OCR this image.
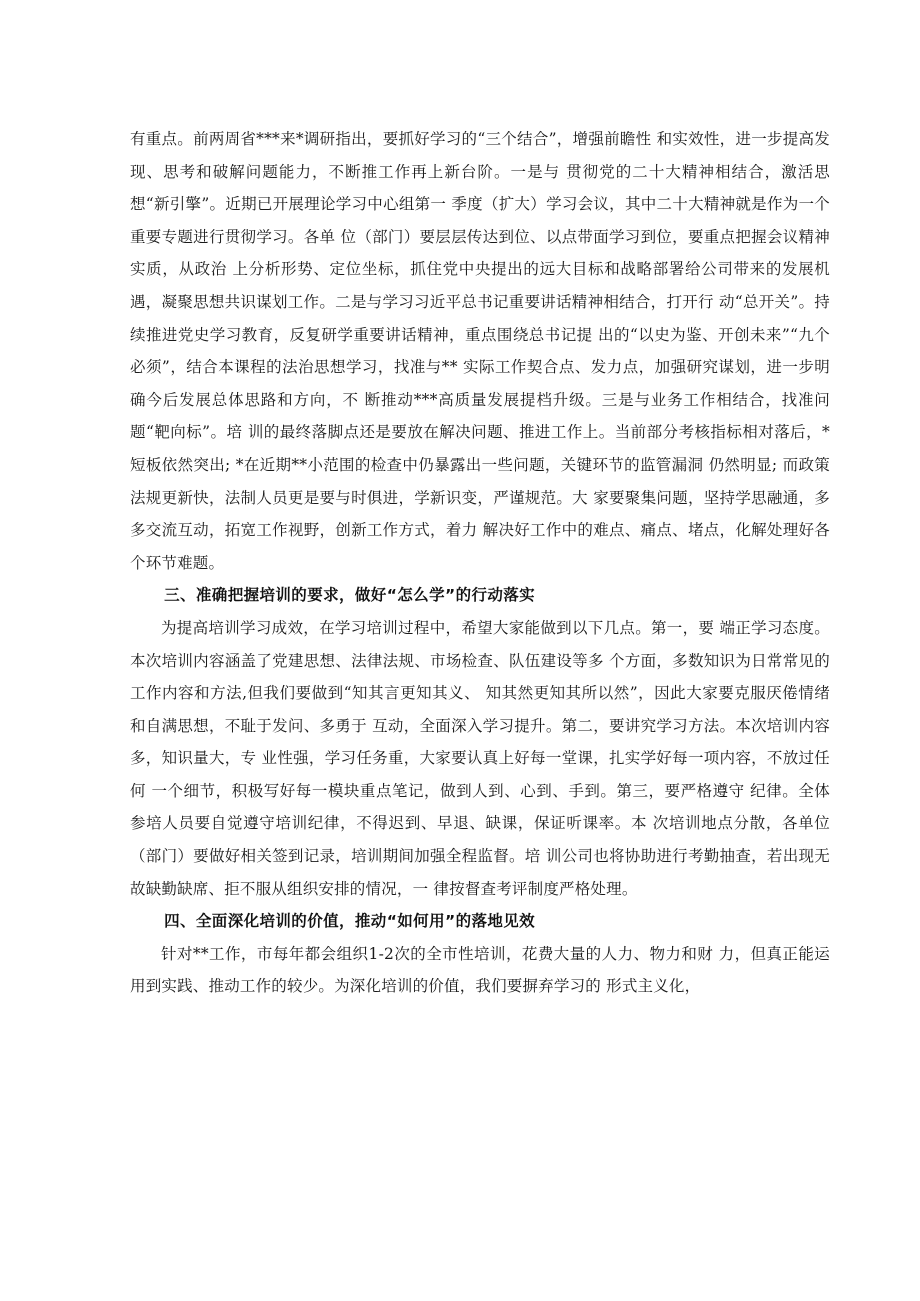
有重点。前两周省***来*调研指出，要抓好学习的“三个结合”，增强前瞻性 和实效性，进一步提高发现、思考和破解问题能力，不断推工作再上新台阶。一是与 贯彻党的二十大精神相结合，激活思想“新引擎”。近期已开展理论学习中心组第一 季度（扩大）学习会议，其中二十大精神就是作为一个重要专题进行贯彻学习。各单 位（部门）要层层传达到位、以点带面学习到位，要重点把握会议精神实质，从政治 上分析形势、定位坐标，抓住党中央提出的远大目标和战略部署给公司带来的发展机 遇，凝聚思想共识谋划工作。二是与学习习近平总书记重要讲话精神相结合，打开行 动“总开关”。持续推进党史学习教育，反复研学重要讲话精神，重点围绕总书记提 出的“以史为鉴、开创未来”“九个必须”，结合本课程的法治思想学习，找准与** 实际工作契合点、发力点，加强研究谋划，进一步明确今后发展总体思路和方向，不 断推动***高质量发展提档升级。三是与业务工作相结合，找准问题“靶向标”。培 训的最终落脚点还是要放在解决问题、推进工作上。当前部分考核指标相对落后，* 短板依然突出; *在近期**小范围的检查中仍暴露出一些问题，关键环节的监管漏洞 仍然明显; 而政策法规更新快，法制人员更是要与时俱进，学新识变，严谨规范。大 家要聚集问题，坚持学思融通，多多交流互动，拓宽工作视野，创新工作方式，着力 解决好工作中的难点、痛点、堵点，化解处理好各个环节难题。

三、准确把握培训的要求，做好“怎么学”的行动落实

为提高培训学习成效，在学习培训过程中，希望大家能做到以下几点。第一，要 端正学习态度。本次培训内容涵盖了党建思想、法律法规、市场检查、队伍建设等多 个方面，多数知识为日常常见的工作内容和方法,但我们要做到“知其言更知其义、 知其然更知其所以然”，因此大家要克服厌倦情绪和自满思想，不耻于发问、多勇于 互动，全面深入学习提升。第二，要讲究学习方法。本次培训内容多，知识量大，专 业性强，学习任务重，大家要认真上好每一堂课，扎实学好每一项内容，不放过任何 一个细节，积极写好每一模块重点笔记，做到人到、心到、手到。第三，要严格遵守 纪律。全体参培人员要自觉遵守培训纪律，不得迟到、早退、缺课，保证听课率。本 次培训地点分散，各单位（部门）要做好相关签到记录，培训期间加强全程监督。培 训公司也将协助进行考勤抽查，若出现无故缺勤缺席、拒不服从组织安排的情况，一 律按督查考评制度严格处理。

四、全面深化培训的价值，推动“如何用”的落地见效

针对**工作，市每年都会组织1-2次的全市性培训，花费大量的人力、物力和财 力，但真正能运用到实践、推动工作的较少。为深化培训的价值，我们要摒弃学习的 形式主义化，
